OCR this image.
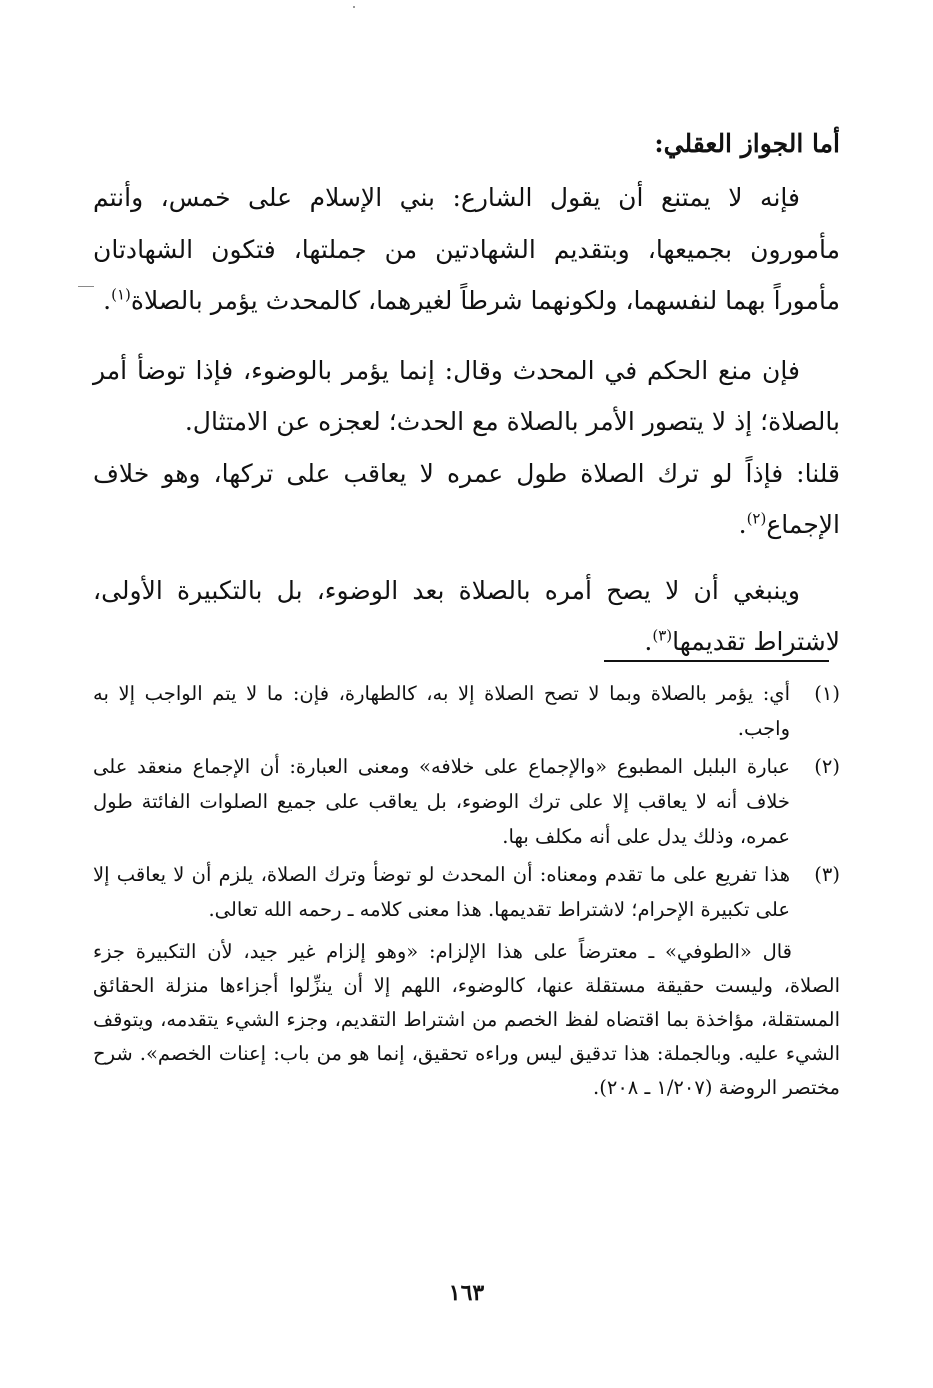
أما الجواز العقلي:

فإنه لا يمتنع أن يقول الشارع: بني الإسلام على خمس، وأنتم مأمورون بجميعها، وبتقديم الشهادتين من جملتها، فتكون الشهادتان مأموراً بهما لنفسهما، ولكونهما شرطاً لغيرهما، كالمحدث يؤمر بالصلاة$^{(١)}$.

فإن منع الحكم في المحدث وقال: إنما يؤمر بالوضوء، فإذا توضأ أمر بالصلاة؛ إذ لا يتصور الأمر بالصلاة مع الحدث؛ لعجزه عن الامتثال.
قلنا: فإذاً لو ترك الصلاة طول عمره لا يعاقب على تركها، وهو خلاف الإجماع$^{(٢)}$.

وينبغي أن لا يصح أمره بالصلاة بعد الوضوء، بل بالتكبيرة الأولى، لاشتراط تقديمها$^{(٣)}$.

(١)
أي: يؤمر بالصلاة وبما لا تصح الصلاة إلا به، كالطهارة، فإن: ما لا يتم الواجب إلا به واجب.
(٢)
عبارة البلبل المطبوع «والإجماع على خلافه» ومعنى العبارة: أن الإجماع منعقد على خلاف أنه لا يعاقب إلا على ترك الوضوء، بل يعاقب على جميع الصلوات الفائتة طول عمره، وذلك يدل على أنه مكلف بها.
(٣)
هذا تفريع على ما تقدم ومعناه: أن المحدث لو توضأ وترك الصلاة، يلزم أن لا يعاقب إلا على تكبيرة الإحرام؛ لاشتراط تقديمها. هذا معنى كلامه ـ رحمه الله تعالى.

قال «الطوفي» ـ معترضاً على هذا الإلزام: «وهو إلزام غير جيد، لأن التكبيرة جزء الصلاة، وليست حقيقة مستقلة عنها، كالوضوء، اللهم إلا أن ينزِّلوا أجزاءها منزلة الحقائق المستقلة، مؤاخذة بما اقتضاه لفظ الخصم من اشتراط التقديم، وجزء الشيء يتقدمه، ويتوقف الشيء عليه. وبالجملة: هذا تدقيق ليس وراءه تحقيق، إنما هو من باب: إعنات الخصم». شرح مختصر الروضة (١/٢٠٧ ـ ٢٠٨).

١٦٣
